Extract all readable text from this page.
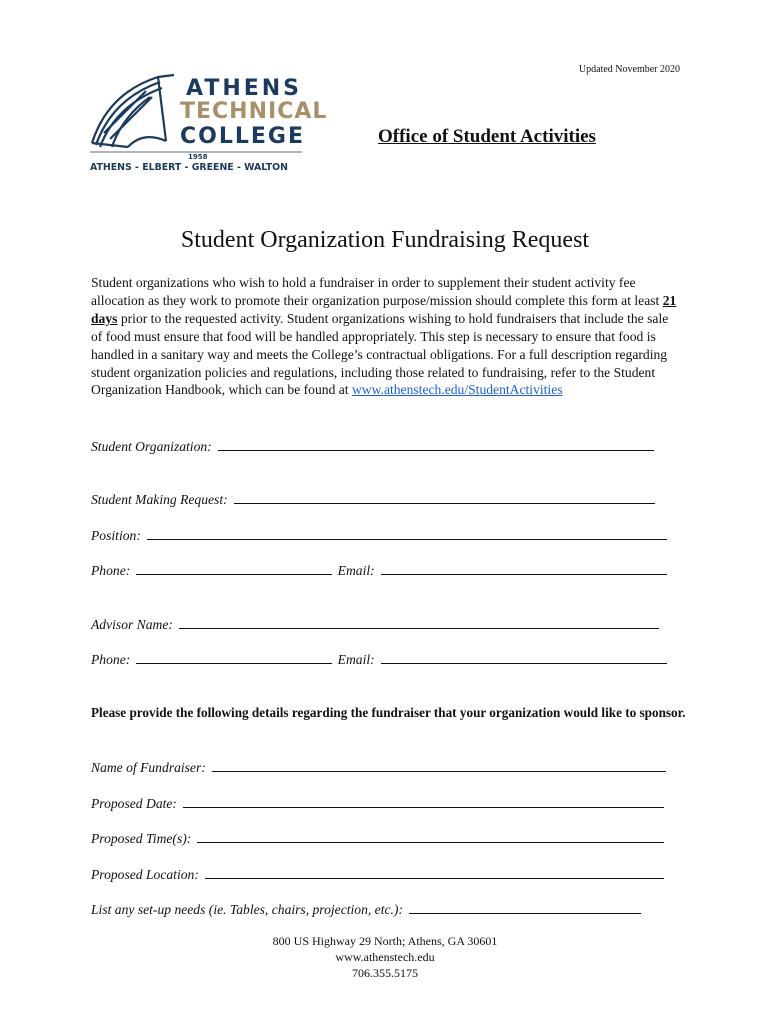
Updated November 2020
ATHENS
TECHNICAL
COLLEGE
1958
ATHENS - ELBERT - GREENE - WALTON
Office of Student Activities
Student Organization Fundraising Request
Student organizations who wish to hold a fundraiser in order to supplement their student activity fee allocation as they work to promote their organization purpose/mission should complete this form at least 21 days prior to the requested activity. Student organizations wishing to hold fundraisers that include the sale of food must ensure that food will be handled appropriately. This step is necessary to ensure that food is handled in a sanitary way and meets the College’s contractual obligations. For a full description regarding student organization policies and regulations, including those related to fundraising, refer to the Student Organization Handbook, which can be found at www.athenstech.edu/StudentActivities
Student Organization:
Student Making Request:
Position:
Phone:	Email:
Advisor Name:
Phone:	Email:
Please provide the following details regarding the fundraiser that your organization would like to sponsor.
Name of Fundraiser:
Proposed Date:
Proposed Time(s):
Proposed Location:
List any set-up needs (ie. Tables, chairs, projection, etc.):
800 US Highway 29 North; Athens, GA 30601
www.athenstech.edu
706.355.5175
